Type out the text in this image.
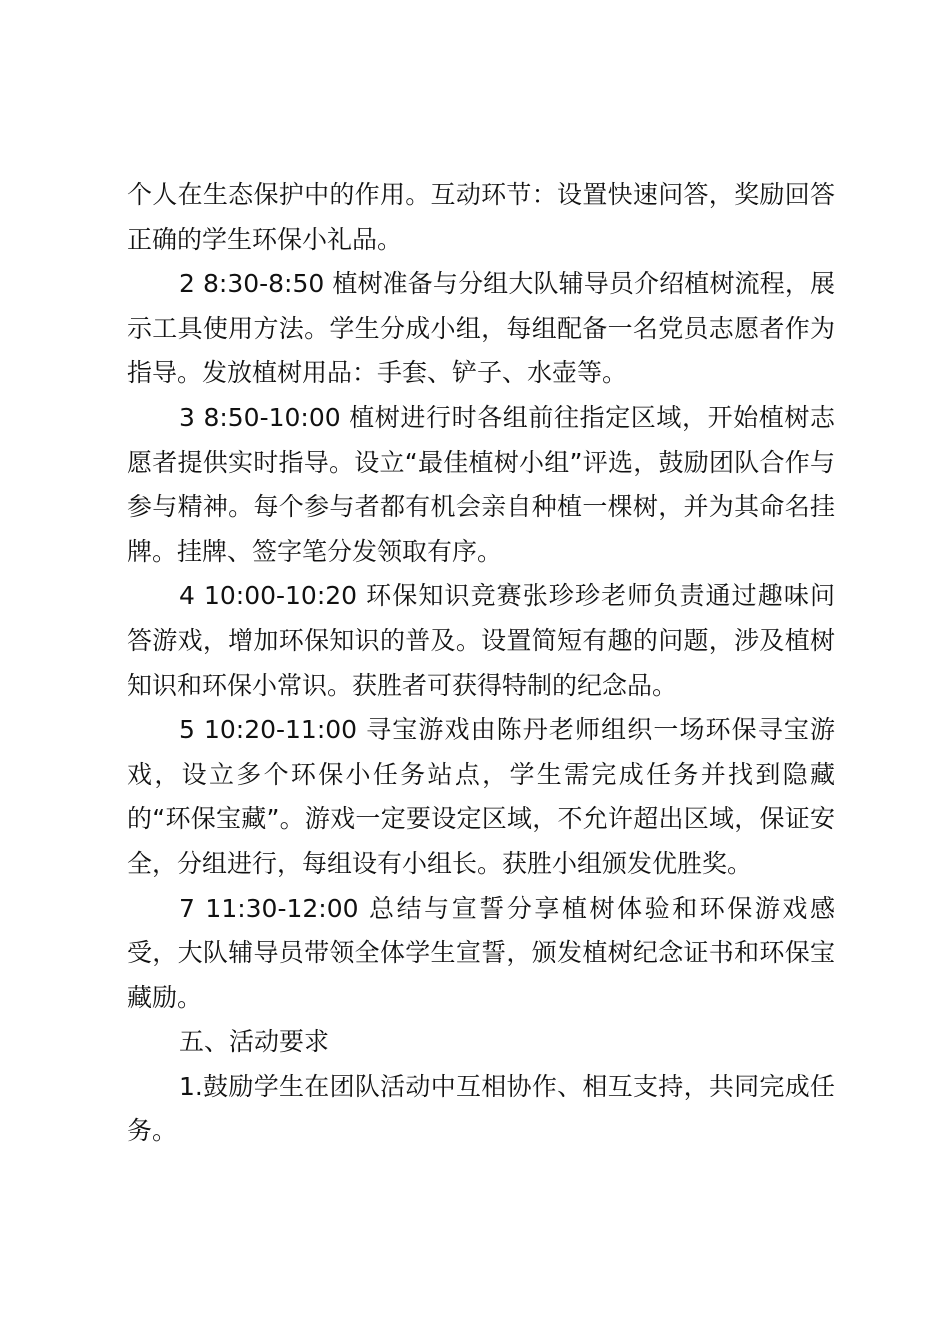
个人在生态保护中的作用。互动环节：设置快速问答，奖励回答正确的学生环保小礼品。

2 8:30-8:50 植树准备与分组大队辅导员介绍植树流程，展示工具使用方法。学生分成小组，每组配备一名党员志愿者作为指导。发放植树用品：手套、铲子、水壶等。

3 8:50-10:00 植树进行时各组前往指定区域，开始植树志愿者提供实时指导。设立“最佳植树小组”评选，鼓励团队合作与参与精神。每个参与者都有机会亲自种植一棵树，并为其命名挂牌。挂牌、签字笔分发领取有序。

4 10:00-10:20 环保知识竞赛张珍珍老师负责通过趣味问答游戏，增加环保知识的普及。设置简短有趣的问题，涉及植树知识和环保小常识。获胜者可获得特制的纪念品。

5 10:20-11:00 寻宝游戏由陈丹老师组织一场环保寻宝游戏，设立多个环保小任务站点，学生需完成任务并找到隐藏的“环保宝藏”。游戏一定要设定区域，不允许超出区域，保证安全，分组进行，每组设有小组长。获胜小组颁发优胜奖。

7 11:30-12:00 总结与宣誓分享植树体验和环保游戏感受，大队辅导员带领全体学生宣誓，颁发植树纪念证书和环保宝藏励。

五、活动要求

1.鼓励学生在团队活动中互相协作、相互支持，共同完成任务。
